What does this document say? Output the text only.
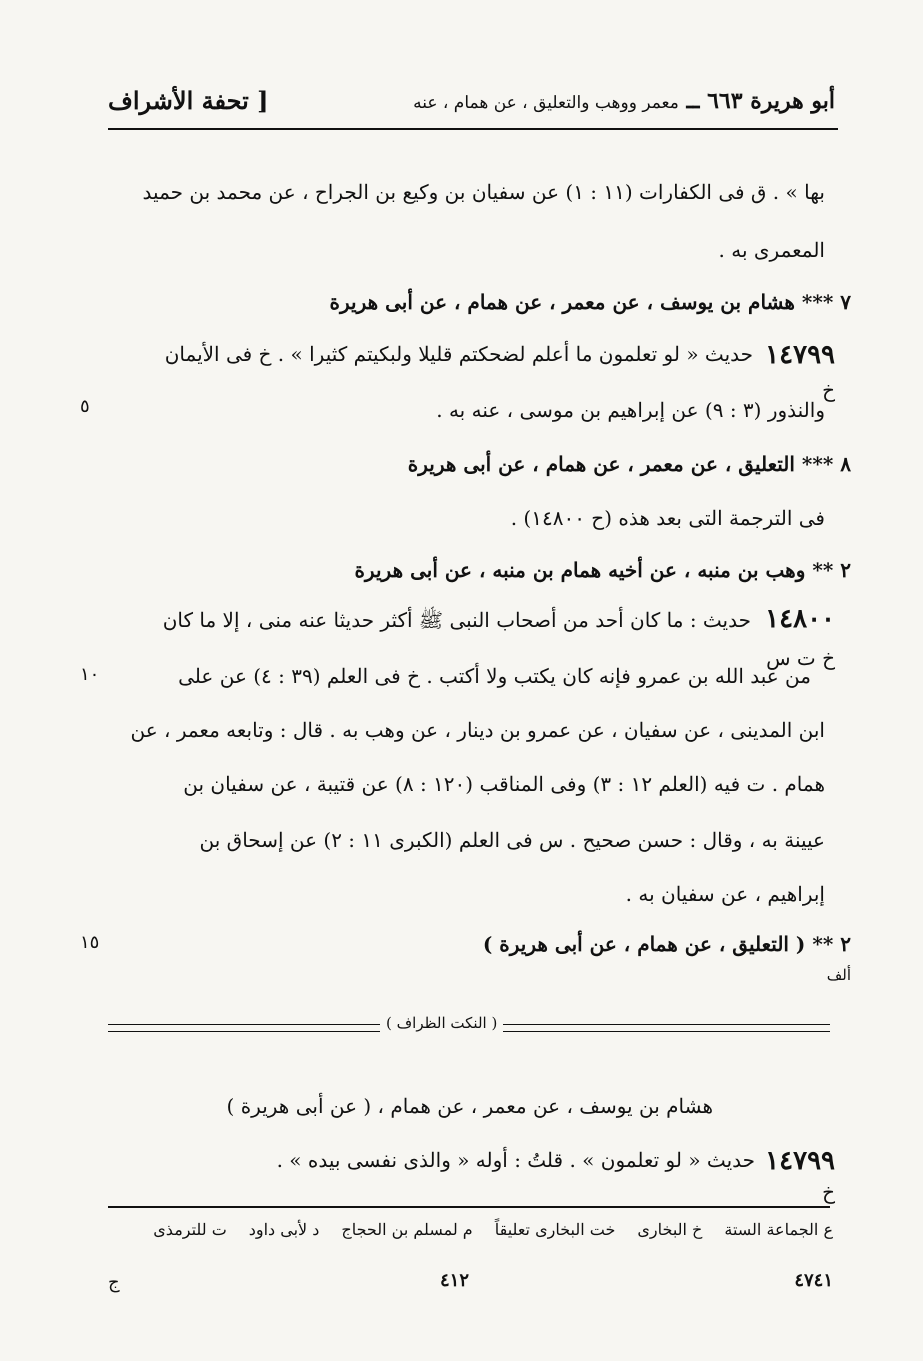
أبو هريرة ٦٦٣ ــ معمر ووهب والتعليق ، عن همام ، عنه
[ تحفة الأشراف
بها » . ق فى الكفارات (١١ : ١) عن سفيان بن وكيع بن الجراح ، عن محمد بن حميد
المعمرى به .
٧ *** هشام بن يوسف ، عن معمر ، عن همام ، عن أبى هريرة
١٤٧٩٩
خ
حديث « لو تعلمون ما أعلم لضحكتم قليلا ولبكيتم كثيرا » . خ فى الأيمان
والنذور (٣ : ٩) عن إبراهيم بن موسى ، عنه به .
٥
٨ *** التعليق ، عن معمر ، عن همام ، عن أبى هريرة
فى الترجمة التى بعد هذه (ح ١٤٨٠٠) .
٢ ** وهب بن منبه ، عن أخيه همام بن منبه ، عن أبى هريرة
١٤٨٠٠
خ ت س
حديث : ما كان أحد من أصحاب النبى ﷺ أكثر حديثا عنه منى ، إلا ما كان
من عبد الله بن عمرو فإنه كان يكتب ولا أكتب . خ فى العلم (٣٩ : ٤) عن على
ابن المدينى ، عن سفيان ، عن عمرو بن دينار ، عن وهب به . قال : وتابعه معمر ، عن
همام . ت فيه (العلم ١٢ : ٣) وفى المناقب (١٢٠ : ٨) عن قتيبة ، عن سفيان بن
عيينة به ، وقال : حسن صحيح . س فى العلم (الكبرى ١١ : ٢) عن إسحاق بن
إبراهيم ، عن سفيان به .
١٠
٢ ** ( التعليق ، عن همام ، عن أبى هريرة )
ألف
١٥
( النكت الظراف )
هشام بن يوسف ، عن معمر ، عن همام ، ( عن أبى هريرة )
١٤٧٩٩
خ
حديث « لو تعلمون » . قلتُ : أوله « والذى نفسى بيده » .
ع الجماعة الستة
خ البخارى
خت البخارى تعليقاً
م لمسلم بن الحجاج
د لأبى داود
ت للترمذى
٤٧٤١
٤١٢
ج
